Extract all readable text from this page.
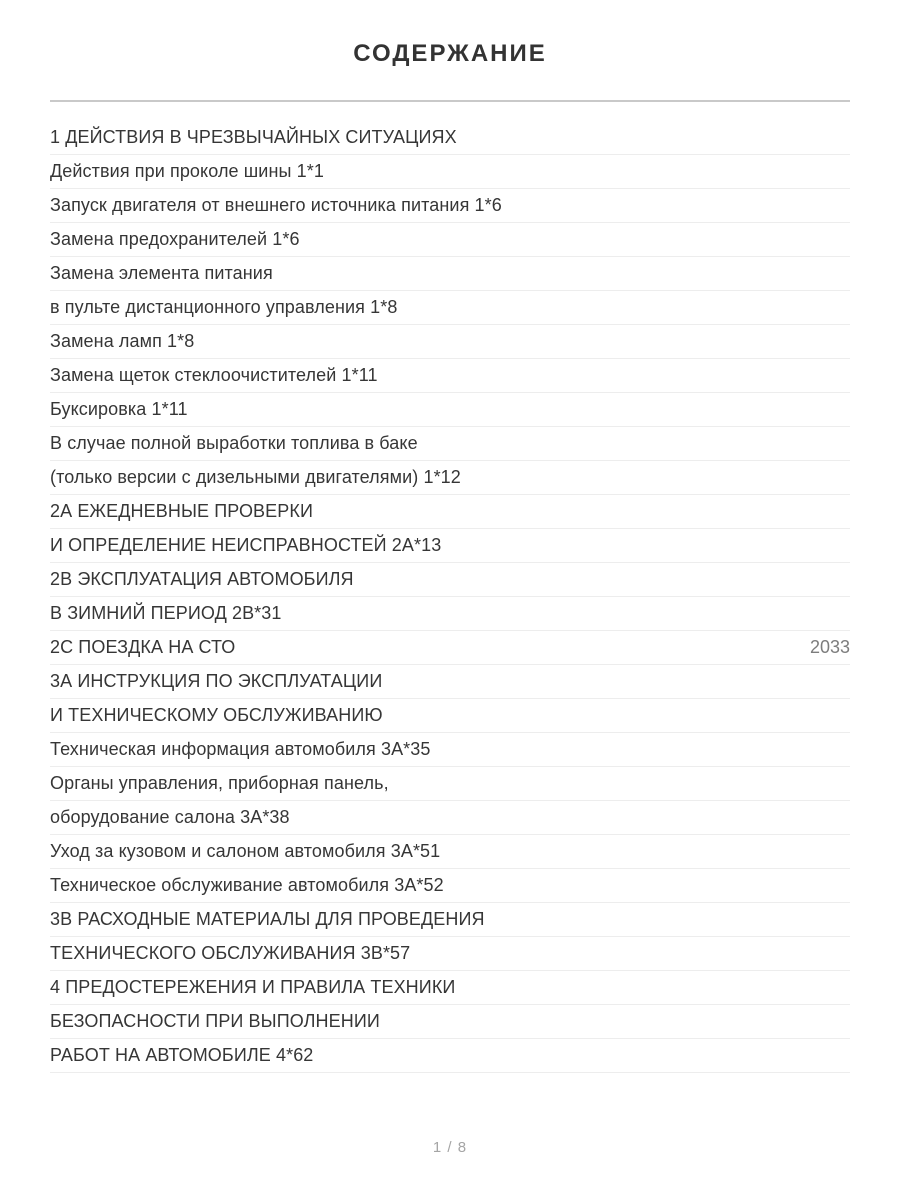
СОДЕРЖАНИЕ
1 ДЕЙСТВИЯ В ЧРЕЗВЫЧАЙНЫХ СИТУАЦИЯХ
Действия при проколе шины 1*1
Запуск двигателя от внешнего источника питания 1*6
Замена предохранителей 1*6
Замена элемента питания
в пульте дистанционного управления 1*8
Замена ламп 1*8
Замена щеток стеклоочистителей 1*11
Буксировка 1*11
В случае полной выработки топлива в баке
(только версии с дизельными двигателями) 1*12
2А ЕЖЕДНЕВНЫЕ ПРОВЕРКИ
И ОПРЕДЕЛЕНИЕ НЕИСПРАВНОСТЕЙ 2А*13
2В ЭКСПЛУАТАЦИЯ АВТОМОБИЛЯ
В ЗИМНИЙ ПЕРИОД 2В*31
2С ПОЕЗДКА НА СТО	2033
3А ИНСТРУКЦИЯ ПО ЭКСПЛУАТАЦИИ
И ТЕХНИЧЕСКОМУ ОБСЛУЖИВАНИЮ
Техническая информация автомобиля 3А*35
Органы управления, приборная панель,
оборудование салона 3А*38
Уход за кузовом и салоном автомобиля 3А*51
Техническое обслуживание автомобиля 3А*52
3В РАСХОДНЫЕ МАТЕРИАЛЫ ДЛЯ ПРОВЕДЕНИЯ
ТЕХНИЧЕСКОГО ОБСЛУЖИВАНИЯ 3В*57
4 ПРЕДОСТЕРЕЖЕНИЯ И ПРАВИЛА ТЕХНИКИ
БЕЗОПАСНОСТИ ПРИ ВЫПОЛНЕНИИ
РАБОТ НА АВТОМОБИЛЕ 4*62
1 / 8
